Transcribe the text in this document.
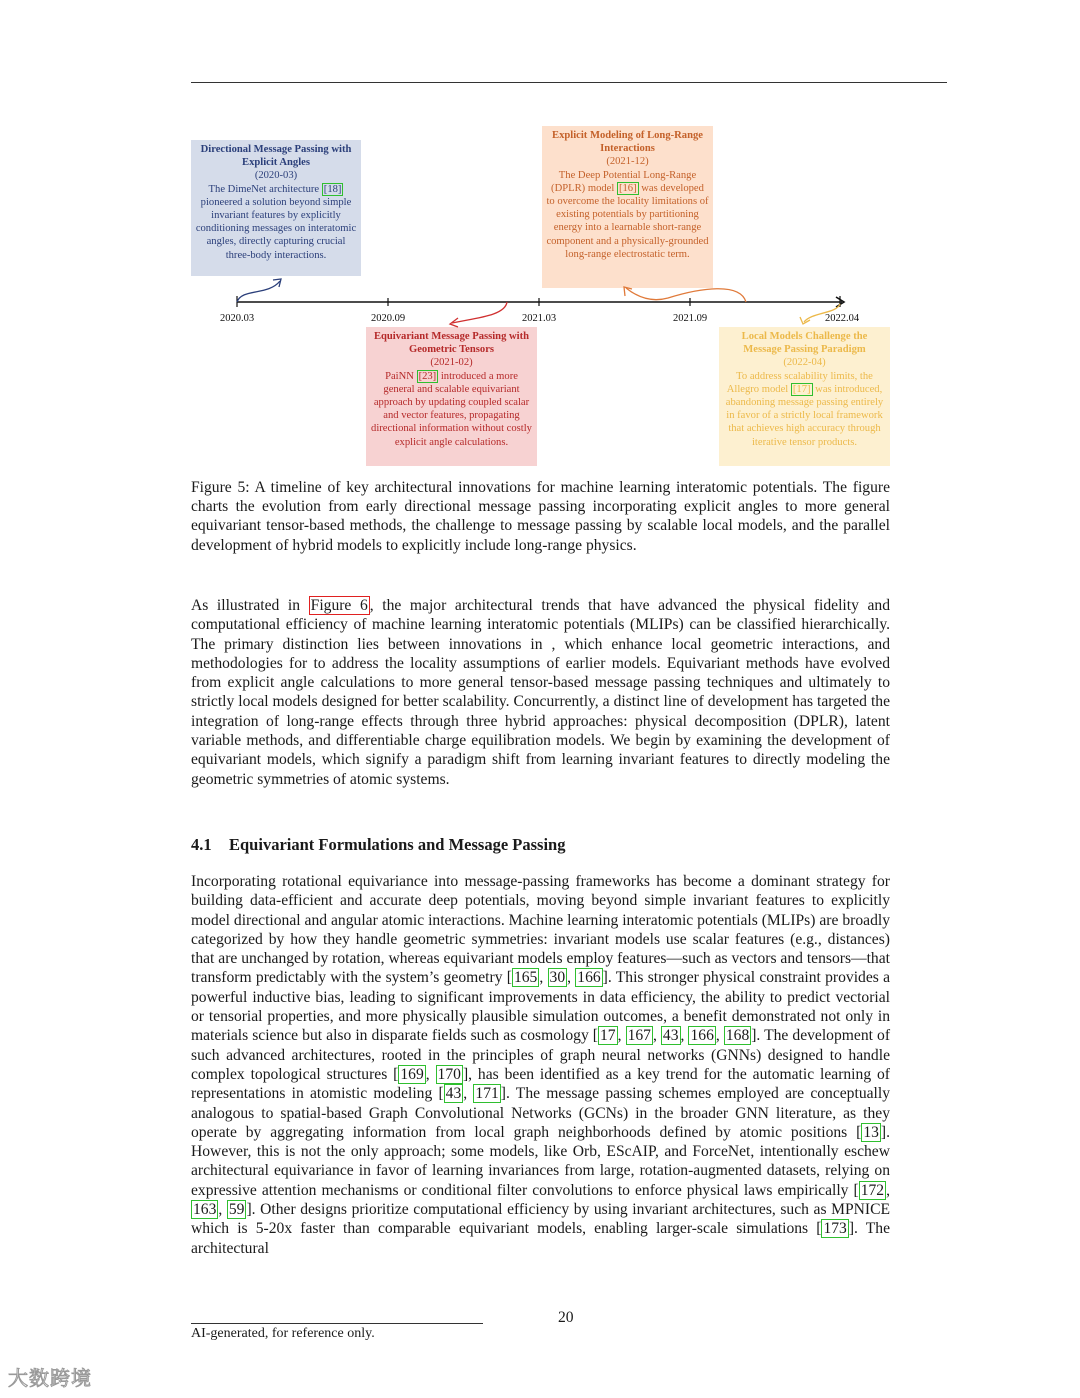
Directional Message Passing with Explicit Angles
(2020-03)
The DimeNet architecture [18] pioneered a solution beyond simple invariant features by explicitly conditioning messages on interatomic angles, directly capturing crucial three-body interactions.
Explicit Modeling of Long-Range Interactions
(2021-12)
The Deep Potential Long-Range (DPLR) model [16] was developed to overcome the locality limitations of existing potentials by partitioning energy into a learnable short-range component and a physically-grounded long-range electrostatic term.
Equivariant Message Passing with Geometric Tensors
(2021-02)
PaiNN [23] introduced a more general and scalable equivariant approach by updating coupled scalar and vector features, propagating directional information without costly explicit angle calculations.
Local Models Challenge the Message Passing Paradigm
(2022-04)
To address scalability limits, the Allegro model [17] was introduced, abandoning message passing entirely in favor of a strictly local framework that achieves high accuracy through iterative tensor products.
2020.03	2020.09	2021.03	2021.09	2022.04
Figure 5: A timeline of key architectural innovations for machine learning interatomic potentials. The figure charts the evolution from early directional message passing incorporating explicit angles to more general equivariant tensor-based methods, the challenge to message passing by scalable local models, and the parallel development of hybrid models to explicitly include long-range physics.
As illustrated in Figure 6 , the major architectural trends that have advanced the physical fidelity and computational efficiency of machine learning interatomic potentials (MLIPs) can be classified hierarchically. The primary distinction lies between innovations in , which enhance local geometric interactions, and methodologies for to address the locality assumptions of earlier models. Equivariant methods have evolved from explicit angle calculations to more general tensor-based message passing techniques and ultimately to strictly local models designed for better scalability. Concurrently, a distinct line of development has targeted the integration of long-range effects through three hybrid approaches: physical decomposition (DPLR), latent variable methods, and differentiable charge equilibration models. We begin by examining the development of equivariant models, which signify a paradigm shift from learning invariant features to directly modeling the geometric symmetries of atomic systems.
4.1 Equivariant Formulations and Message Passing
Incorporating rotational equivariance into message-passing frameworks has become a dominant strategy for building data-efficient and accurate deep potentials, moving beyond simple invariant features to explicitly model directional and angular atomic interactions. Machine learning interatomic potentials (MLIPs) are broadly categorized by how they handle geometric symmetries: invariant models use scalar features (e.g., distances) that are unchanged by rotation, whereas equivariant models employ features—such as vectors and tensors—that transform predictably with the system’s geometry [ 165 , 30 , 166 ]. This stronger physical constraint provides a powerful inductive bias, leading to significant improvements in data efficiency, the ability to predict vectorial or tensorial properties, and more physically plausible simulation outcomes, a benefit demonstrated not only in materials science but also in disparate fields such as cosmology [ 17 , 167 , 43 , 166 , 168 ]. The development of such advanced architectures, rooted in the principles of graph neural networks (GNNs) designed to handle complex topological structures [ 169 , 170 ], has been identified as a key trend for the automatic learning of representations in atomistic modeling [ 43 , 171 ]. The message passing schemes employed are conceptually analogous to spatial-based Graph Convolutional Networks (GCNs) in the broader GNN literature, as they operate by aggregating information from local graph neighborhoods defined by atomic positions [ 13 ]. However, this is not the only approach; some models, like Orb, EScAIP, and ForceNet, intentionally eschew architectural equivariance in favor of learning invariances from large, rotation-augmented datasets, relying on expressive attention mechanisms or conditional filter convolutions to enforce physical laws empirically [ 172 , 163 , 59 ]. Other designs prioritize computational efficiency by using invariant architectures, such as MPNICE which is 5-20x faster than comparable equivariant models, enabling larger-scale simulations [ 173 ]. The architectural
20
AI-generated, for reference only.
大数跨境
